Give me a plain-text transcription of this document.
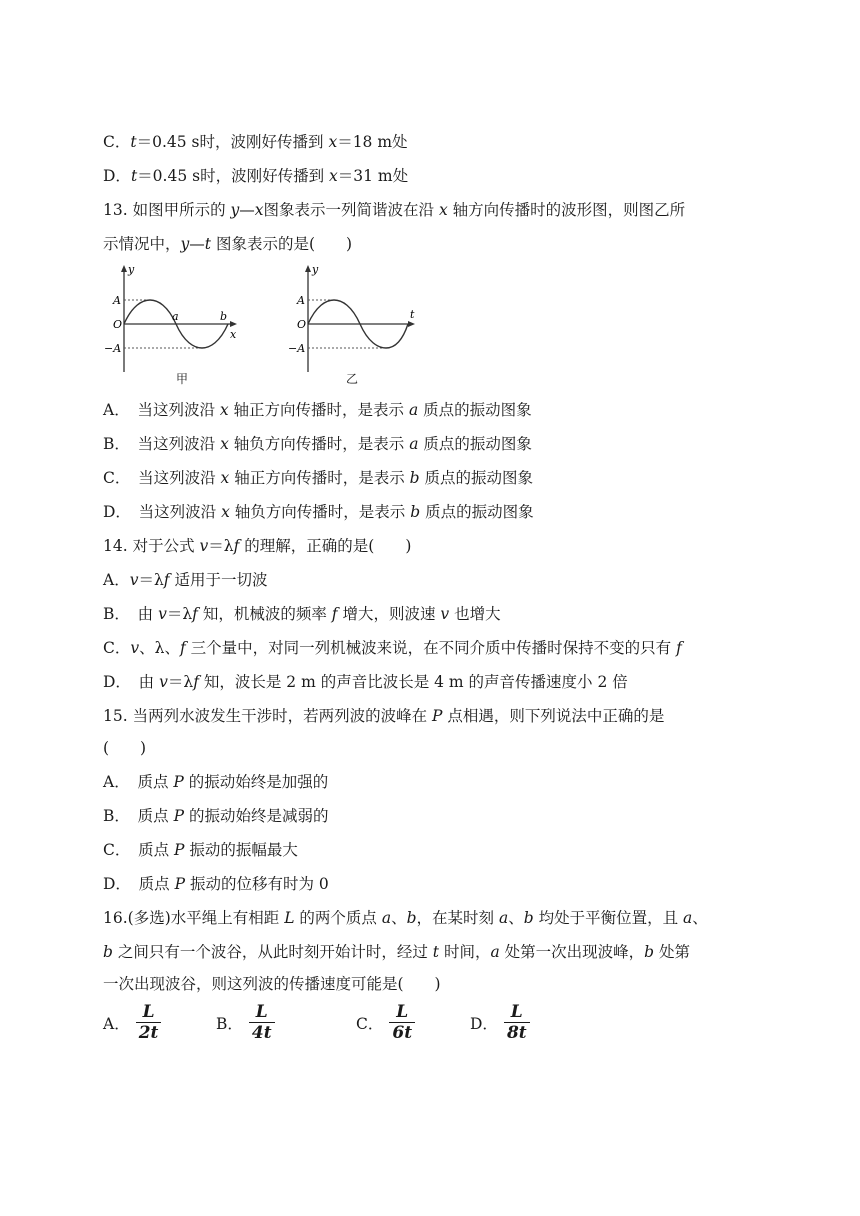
C．t＝0.45 s时，波刚好传播到 x＝18 m处
D．t＝0.45 s时，波刚好传播到 x＝31 m处
13. 如图甲所示的 y—x图象表示一列简谐波在沿 x 轴方向传播时的波形图，则图乙所
示情况中，y—t 图象表示的是(　　)
y
x
A
O
−A
a	b
甲
y
t
A
O
−A
乙
A．　当这列波沿 x 轴正方向传播时，是表示 a 质点的振动图象
B．　当这列波沿 x 轴负方向传播时，是表示 a 质点的振动图象
C．　当这列波沿 x 轴正方向传播时，是表示 b 质点的振动图象
D．　当这列波沿 x 轴负方向传播时，是表示 b 质点的振动图象
14. 对于公式 v＝λf 的理解，正确的是(　　)
A．v＝λf 适用于一切波
B．　由 v＝λf 知，机械波的频率 f 增大，则波速 v 也增大
C．v、λ、f 三个量中，对同一列机械波来说，在不同介质中传播时保持不变的只有 f
D．　由 v＝λf 知，波长是 2 m 的声音比波长是 4 m 的声音传播速度小 2 倍
15. 当两列水波发生干涉时，若两列波的波峰在 P 点相遇，则下列说法中正确的是
(　　)
A．　质点 P 的振动始终是加强的
B．　质点 P 的振动始终是减弱的
C．　质点 P 振动的振幅最大
D．　质点 P 振动的位移有时为 0
16.(多选)水平绳上有相距 L 的两个质点 a、b，在某时刻 a、b 均处于平衡位置，且 a、
b 之间只有一个波谷，从此时刻开始计时，经过 t 时间，a 处第一次出现波峰，b 处第
一次出现波谷，则这列波的传播速度可能是(　　)
A． $\frac{L}{2t}$	B． $\frac{L}{4t}$	C． $\frac{L}{6t}$	D． $\frac{L}{8t}$
